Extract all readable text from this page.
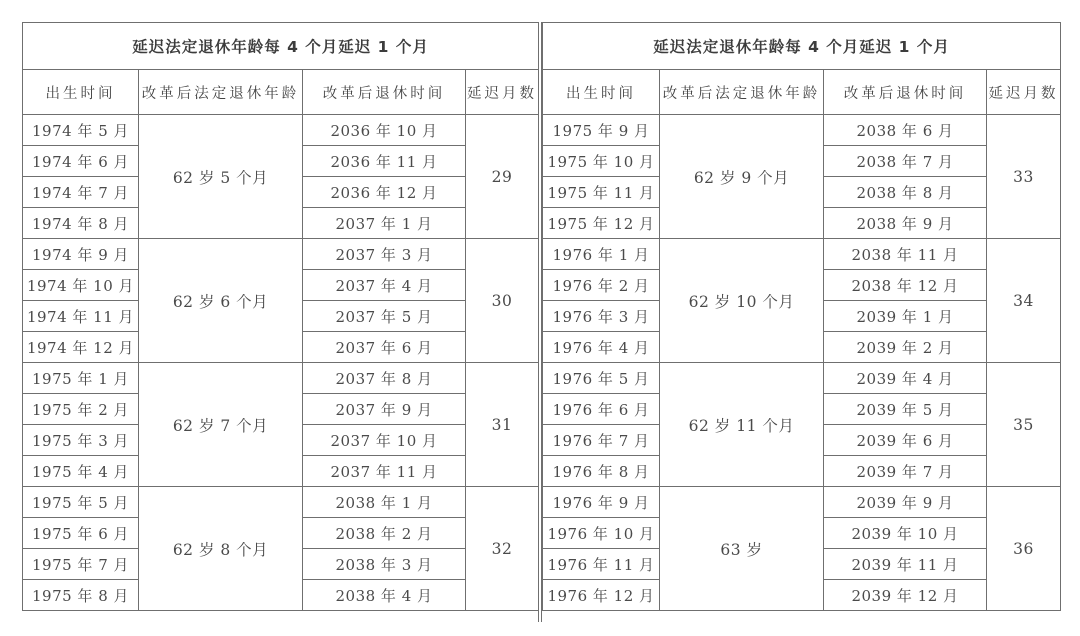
延迟法定退休年龄每 4 个月延迟 1 个月			
出生时间	改革后法定退休年龄	改革后退休时间	延迟月数
1974 年 5 月	62 岁 5 个月	2036 年 10 月	29
1974 年 6 月		2036 年 11 月	
1974 年 7 月		2036 年 12 月	
1974 年 8 月		2037 年 1 月	
1974 年 9 月	62 岁 6 个月	2037 年 3 月	30
1974 年 10 月		2037 年 4 月	
1974 年 11 月		2037 年 5 月	
1974 年 12 月		2037 年 6 月	
1975 年 1 月	62 岁 7 个月	2037 年 8 月	31
1975 年 2 月		2037 年 9 月	
1975 年 3 月		2037 年 10 月	
1975 年 4 月		2037 年 11 月	
1975 年 5 月	62 岁 8 个月	2038 年 1 月	32
1975 年 6 月		2038 年 2 月	
1975 年 7 月		2038 年 3 月	
1975 年 8 月		2038 年 4 月	
延迟法定退休年龄每 4 个月延迟 1 个月			
出生时间	改革后法定退休年龄	改革后退休时间	延迟月数
1975 年 9 月	62 岁 9 个月	2038 年 6 月	33
1975 年 10 月		2038 年 7 月	
1975 年 11 月		2038 年 8 月	
1975 年 12 月		2038 年 9 月	
1976 年 1 月	62 岁 10 个月	2038 年 11 月	34
1976 年 2 月		2038 年 12 月	
1976 年 3 月		2039 年 1 月	
1976 年 4 月		2039 年 2 月	
1976 年 5 月	62 岁 11 个月	2039 年 4 月	35
1976 年 6 月		2039 年 5 月	
1976 年 7 月		2039 年 6 月	
1976 年 8 月		2039 年 7 月	
1976 年 9 月	63 岁	2039 年 9 月	36
1976 年 10 月		2039 年 10 月	
1976 年 11 月		2039 年 11 月	
1976 年 12 月		2039 年 12 月	
